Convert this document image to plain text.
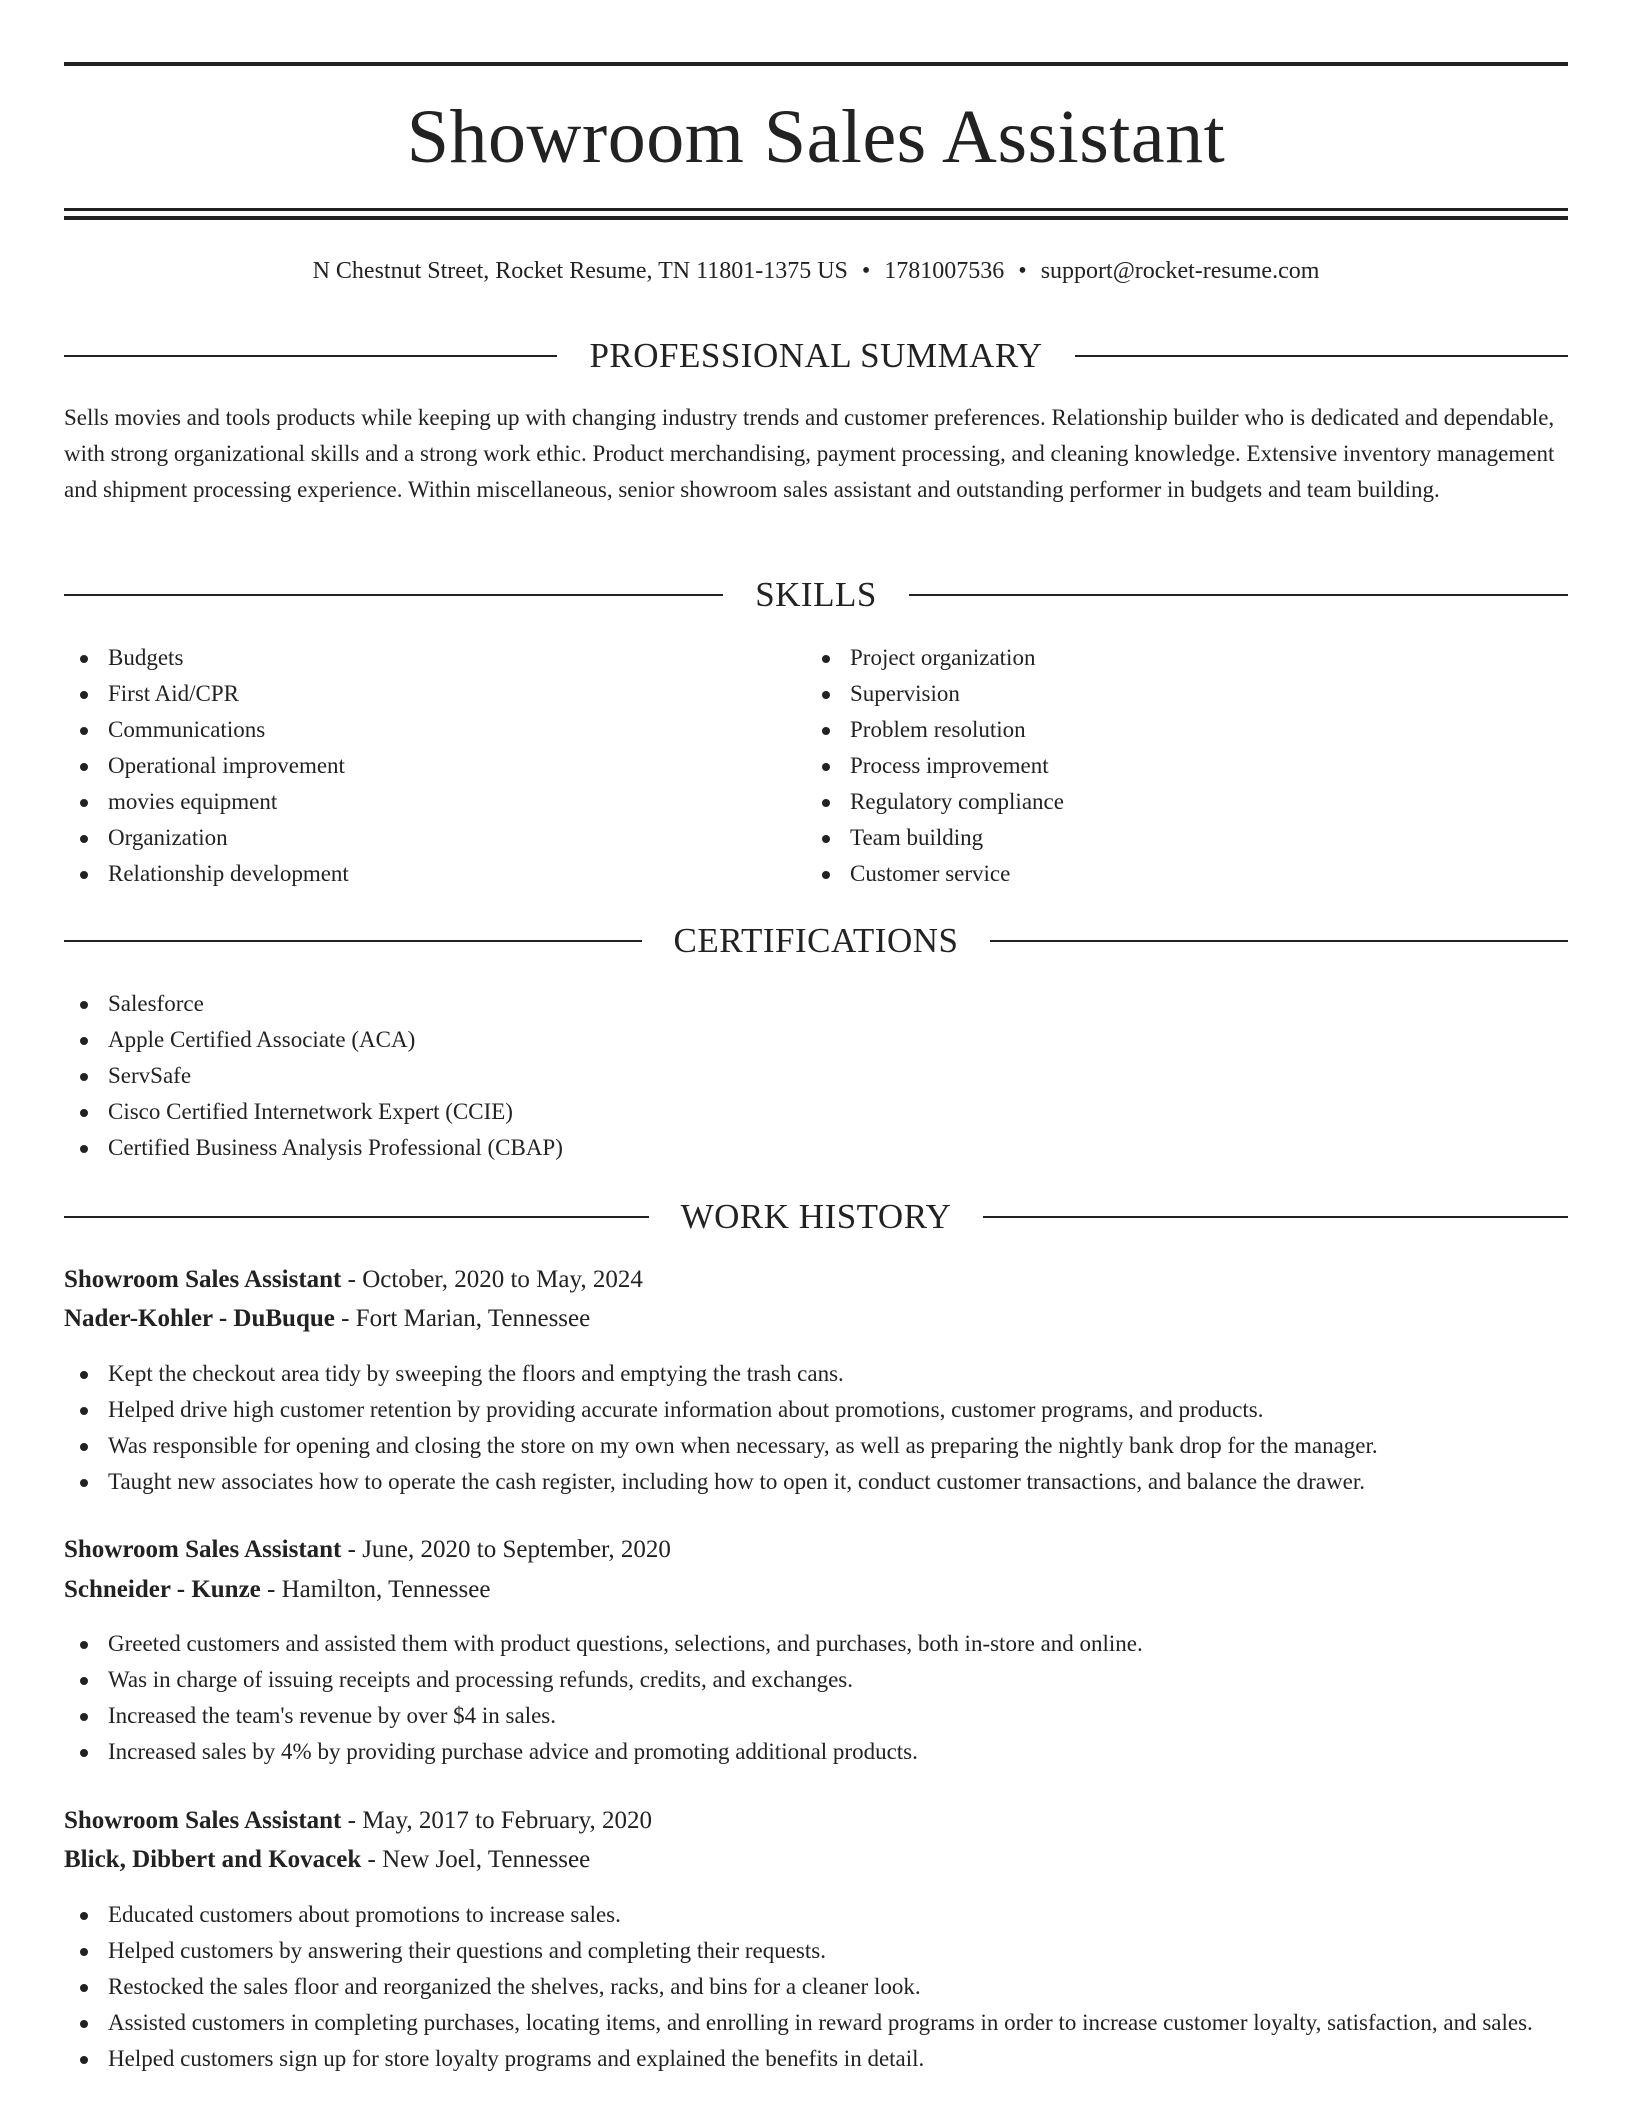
Showroom Sales Assistant
N Chestnut Street, Rocket Resume, TN 11801-1375 US • 1781007536 • support@rocket-resume.com
PROFESSIONAL SUMMARY
Sells movies and tools products while keeping up with changing industry trends and customer preferences. Relationship builder who is dedicated and dependable, with strong organizational skills and a strong work ethic. Product merchandising, payment processing, and cleaning knowledge. Extensive inventory management and shipment processing experience. Within miscellaneous, senior showroom sales assistant and outstanding performer in budgets and team building.
SKILLS
Budgets
First Aid/CPR
Communications
Operational improvement
movies equipment
Organization
Relationship development
Project organization
Supervision
Problem resolution
Process improvement
Regulatory compliance
Team building
Customer service
CERTIFICATIONS
Salesforce
Apple Certified Associate (ACA)
ServSafe
Cisco Certified Internetwork Expert (CCIE)
Certified Business Analysis Professional (CBAP)
WORK HISTORY
Showroom Sales Assistant - October, 2020 to May, 2024
Nader-Kohler - DuBuque - Fort Marian, Tennessee
Kept the checkout area tidy by sweeping the floors and emptying the trash cans.
Helped drive high customer retention by providing accurate information about promotions, customer programs, and products.
Was responsible for opening and closing the store on my own when necessary, as well as preparing the nightly bank drop for the manager.
Taught new associates how to operate the cash register, including how to open it, conduct customer transactions, and balance the drawer.
Showroom Sales Assistant - June, 2020 to September, 2020
Schneider - Kunze - Hamilton, Tennessee
Greeted customers and assisted them with product questions, selections, and purchases, both in-store and online.
Was in charge of issuing receipts and processing refunds, credits, and exchanges.
Increased the team's revenue by over $4 in sales.
Increased sales by 4% by providing purchase advice and promoting additional products.
Showroom Sales Assistant - May, 2017 to February, 2020
Blick, Dibbert and Kovacek - New Joel, Tennessee
Educated customers about promotions to increase sales.
Helped customers by answering their questions and completing their requests.
Restocked the sales floor and reorganized the shelves, racks, and bins for a cleaner look.
Assisted customers in completing purchases, locating items, and enrolling in reward programs in order to increase customer loyalty, satisfaction, and sales.
Helped customers sign up for store loyalty programs and explained the benefits in detail.
